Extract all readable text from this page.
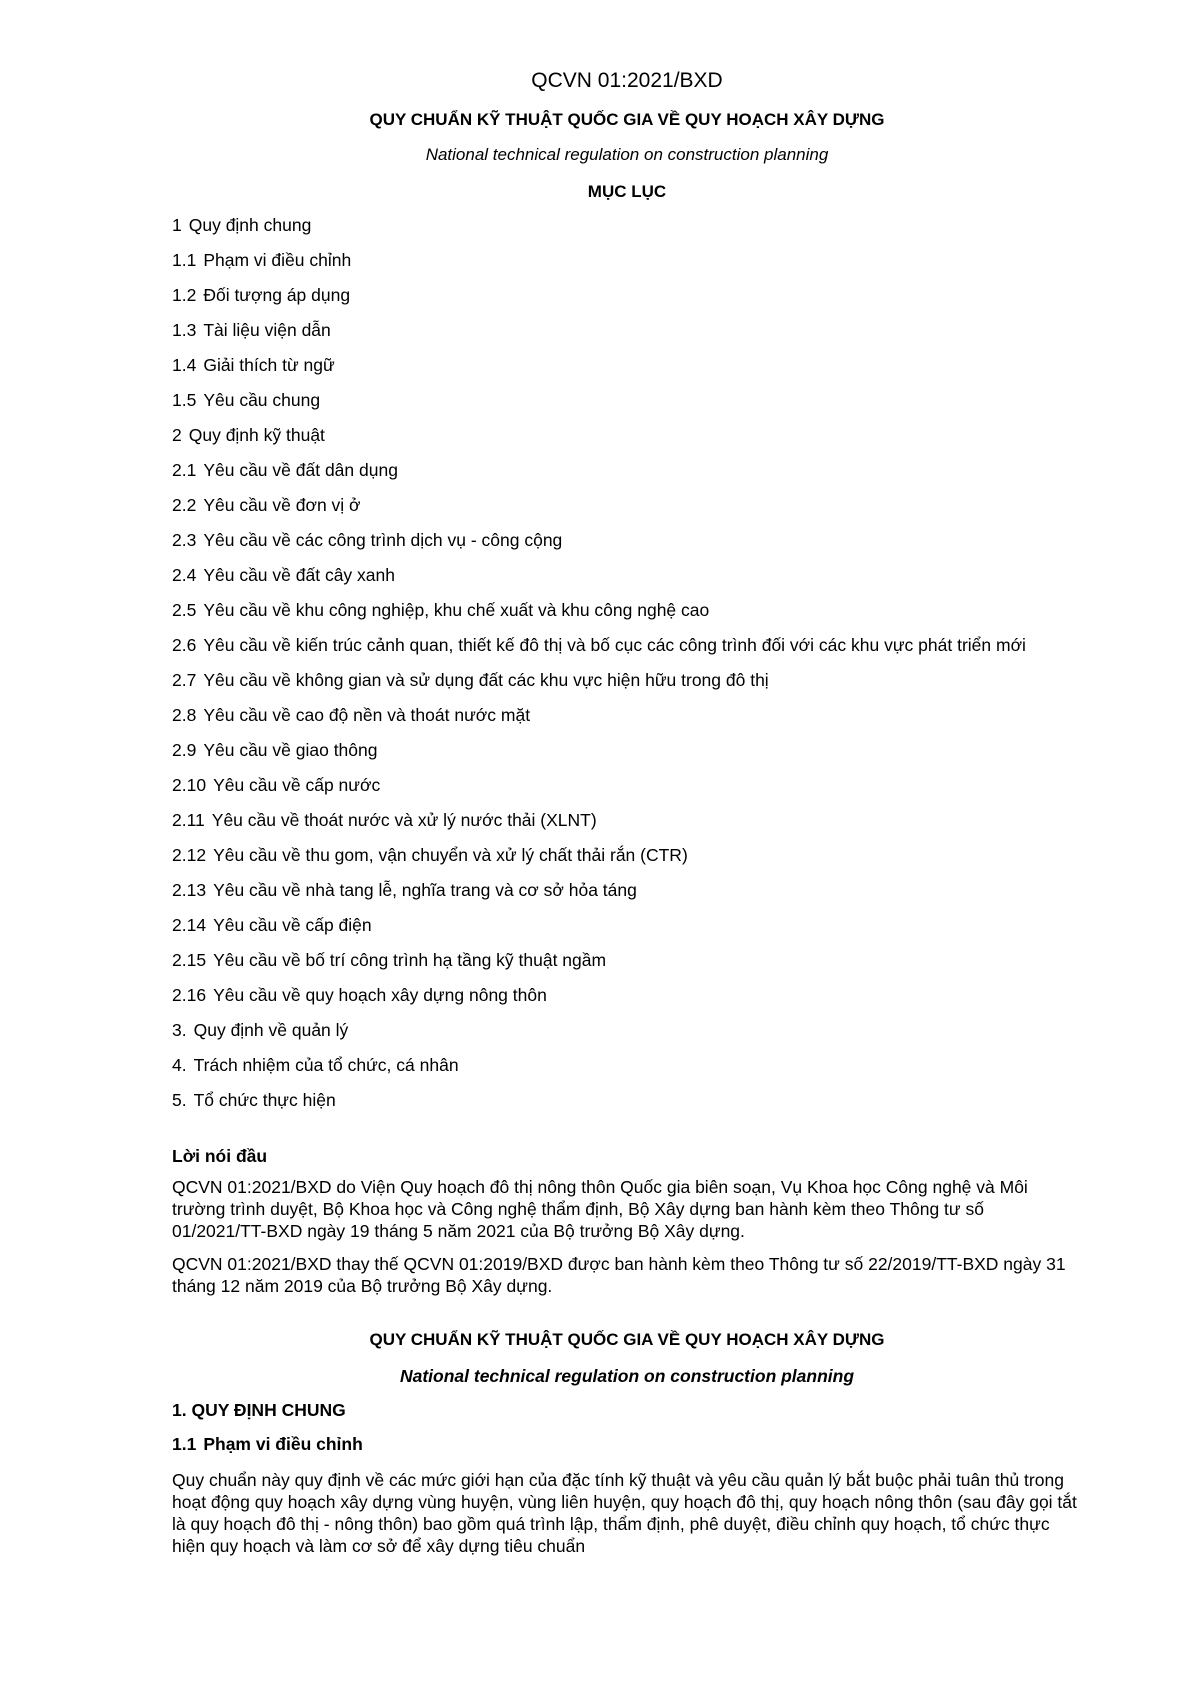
QCVN 01:2021/BXD
QUY CHUẨN KỸ THUẬT QUỐC GIA VỀ QUY HOẠCH XÂY DỰNG
National technical regulation on construction planning
MỤC LỤC
1 Quy định chung
1.1 Phạm vi điều chỉnh
1.2 Đối tượng áp dụng
1.3 Tài liệu viện dẫn
1.4 Giải thích từ ngữ
1.5 Yêu cầu chung
2 Quy định kỹ thuật
2.1 Yêu cầu về đất dân dụng
2.2 Yêu cầu về đơn vị ở
2.3 Yêu cầu về các công trình dịch vụ - công cộng
2.4 Yêu cầu về đất cây xanh
2.5 Yêu cầu về khu công nghiệp, khu chế xuất và khu công nghệ cao
2.6 Yêu cầu về kiến trúc cảnh quan, thiết kế đô thị và bố cục các công trình đối với các khu vực phát triển mới
2.7 Yêu cầu về không gian và sử dụng đất các khu vực hiện hữu trong đô thị
2.8 Yêu cầu về cao độ nền và thoát nước mặt
2.9 Yêu cầu về giao thông
2.10 Yêu cầu về cấp nước
2.11 Yêu cầu về thoát nước và xử lý nước thải (XLNT)
2.12 Yêu cầu về thu gom, vận chuyển và xử lý chất thải rắn (CTR)
2.13 Yêu cầu về nhà tang lễ, nghĩa trang và cơ sở hỏa táng
2.14 Yêu cầu về cấp điện
2.15 Yêu cầu về bố trí công trình hạ tầng kỹ thuật ngầm
2.16 Yêu cầu về quy hoạch xây dựng nông thôn
3. Quy định về quản lý
4. Trách nhiệm của tổ chức, cá nhân
5. Tổ chức thực hiện
Lời nói đầu

QCVN 01:2021/BXD do Viện Quy hoạch đô thị nông thôn Quốc gia biên soạn, Vụ Khoa học Công nghệ và Môi trường trình duyệt, Bộ Khoa học và Công nghệ thẩm định, Bộ Xây dựng ban hành kèm theo Thông tư số 01/2021/TT-BXD ngày 19 tháng 5 năm 2021 của Bộ trưởng Bộ Xây dựng.

QCVN 01:2021/BXD thay thế QCVN 01:2019/BXD được ban hành kèm theo Thông tư số 22/2019/TT-BXD ngày 31 tháng 12 năm 2019 của Bộ trưởng Bộ Xây dựng.

QUY CHUẨN KỸ THUẬT QUỐC GIA VỀ QUY HOẠCH XÂY DỰNG
National technical regulation on construction planning
1. QUY ĐỊNH CHUNG
1.1 Phạm vi điều chỉnh

Quy chuẩn này quy định về các mức giới hạn của đặc tính kỹ thuật và yêu cầu quản lý bắt buộc phải tuân thủ trong hoạt động quy hoạch xây dựng vùng huyện, vùng liên huyện, quy hoạch đô thị, quy hoạch nông thôn (sau đây gọi tắt là quy hoạch đô thị - nông thôn) bao gồm quá trình lập, thẩm định, phê duyệt, điều chỉnh quy hoạch, tổ chức thực hiện quy hoạch và làm cơ sở để xây dựng tiêu chuẩn
